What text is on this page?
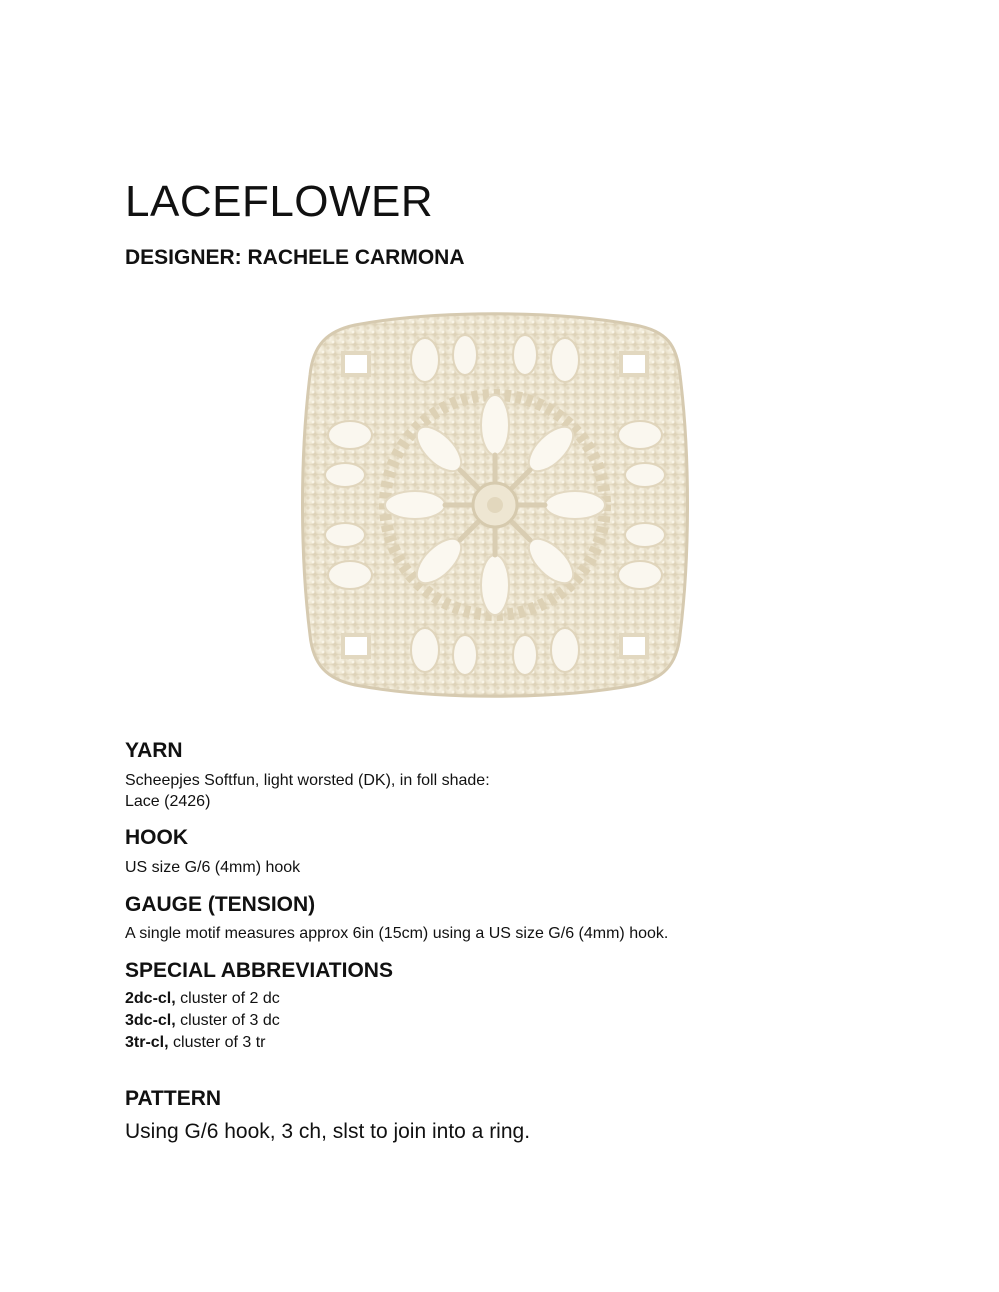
LACEFLOWER
DESIGNER: RACHELE CARMONA
YARN

Scheepjes Softfun, light worsted (DK), in foll shade:
Lace (2426)

HOOK

US size G/6 (4mm) hook

GAUGE (TENSION)

A single motif measures approx 6in (15cm) using a US size G/6 (4mm) hook.

SPECIAL ABBREVIATIONS
2dc-cl, cluster of 2 dc
3dc-cl, cluster of 3 dc
3tr-cl, cluster of 3 tr
PATTERN

Using G/6 hook, 3 ch, slst to join into a ring.
